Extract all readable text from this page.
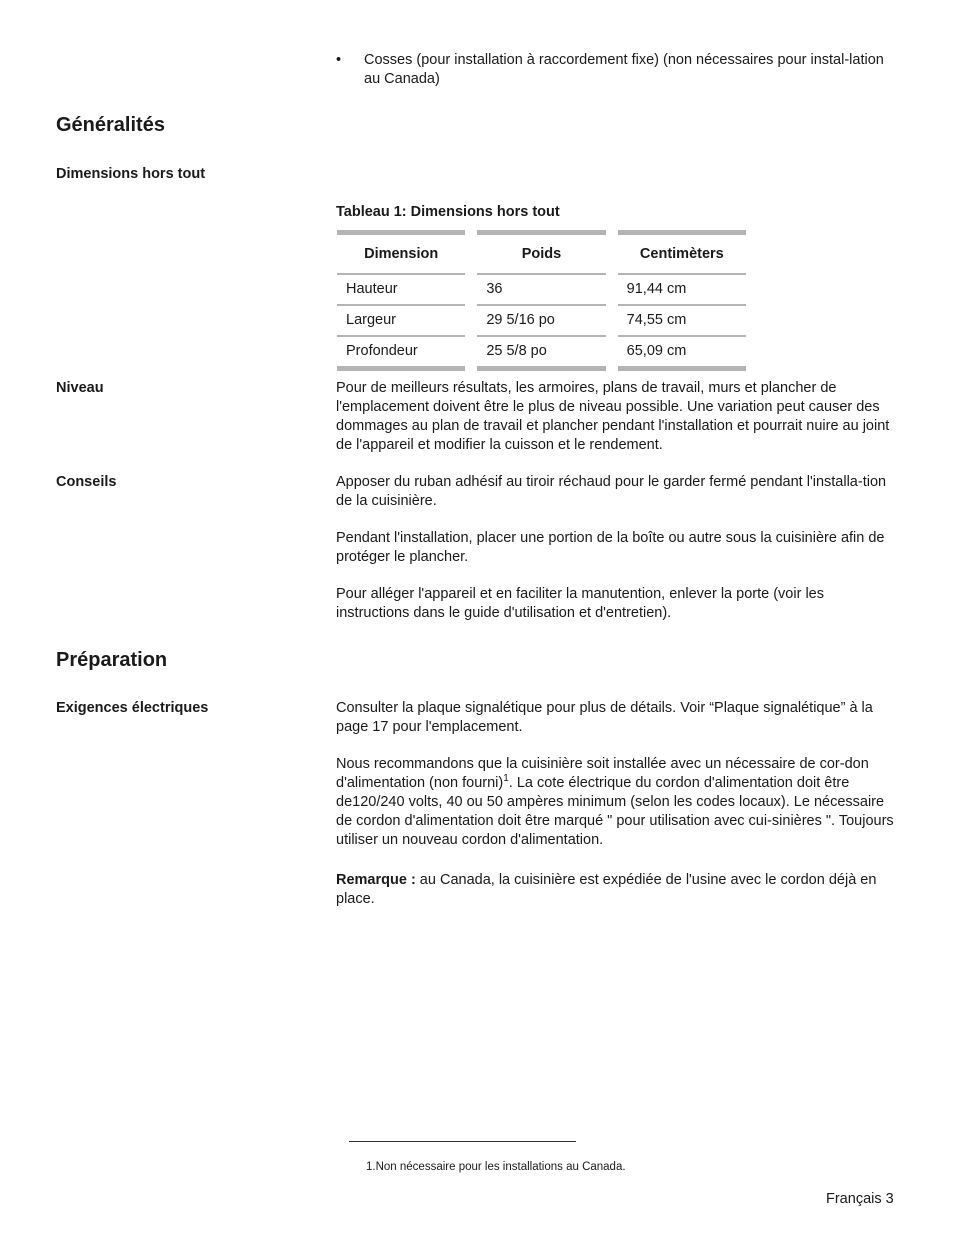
• Cosses (pour installation à raccordement fixe) (non nécessaires pour instal-lation au Canada)
Généralités
Dimensions hors tout
Tableau 1: Dimensions hors tout
Dimension		Poids		Centimèters
Hauteur		36		91,44 cm
Largeur		29 5/16 po		74,55 cm
Profondeur		25 5/8 po		65,09 cm
Niveau	Pour de meilleurs résultats, les armoires, plans de travail, murs et plancher de l'emplacement doivent être le plus de niveau possible. Une variation peut causer des dommages au plan de travail et plancher pendant l'installation et pourrait nuire au joint de l'appareil et modifier la cuisson et le rendement.

Conseils	Apposer du ruban adhésif au tiroir réchaud pour le garder fermé pendant l'installa-tion de la cuisinière.

Pendant l'installation, placer une portion de la boîte ou autre sous la cuisinière afin de protéger le plancher.

Pour alléger l'appareil et en faciliter la manutention, enlever la porte (voir les instructions dans le guide d'utilisation et d'entretien).

Préparation
Exigences électriques	Consulter la plaque signalétique pour plus de détails. Voir “Plaque signalétique” à la page 17 pour l'emplacement.

Nous recommandons que la cuisinière soit installée avec un nécessaire de cor-don d'alimentation (non fourni)$^1$. La cote électrique du cordon d'alimentation doit être de120/240 volts, 40 ou 50 ampères minimum (selon les codes locaux). Le nécessaire de cordon d'alimentation doit être marqué " pour utilisation avec cui-sinières ". Toujours utiliser un nouveau cordon d'alimentation.

Remarque : au Canada, la cuisinière est expédiée de l'usine avec le cordon déjà en place.

1.Non nécessaire pour les installations au Canada.
Français 3
